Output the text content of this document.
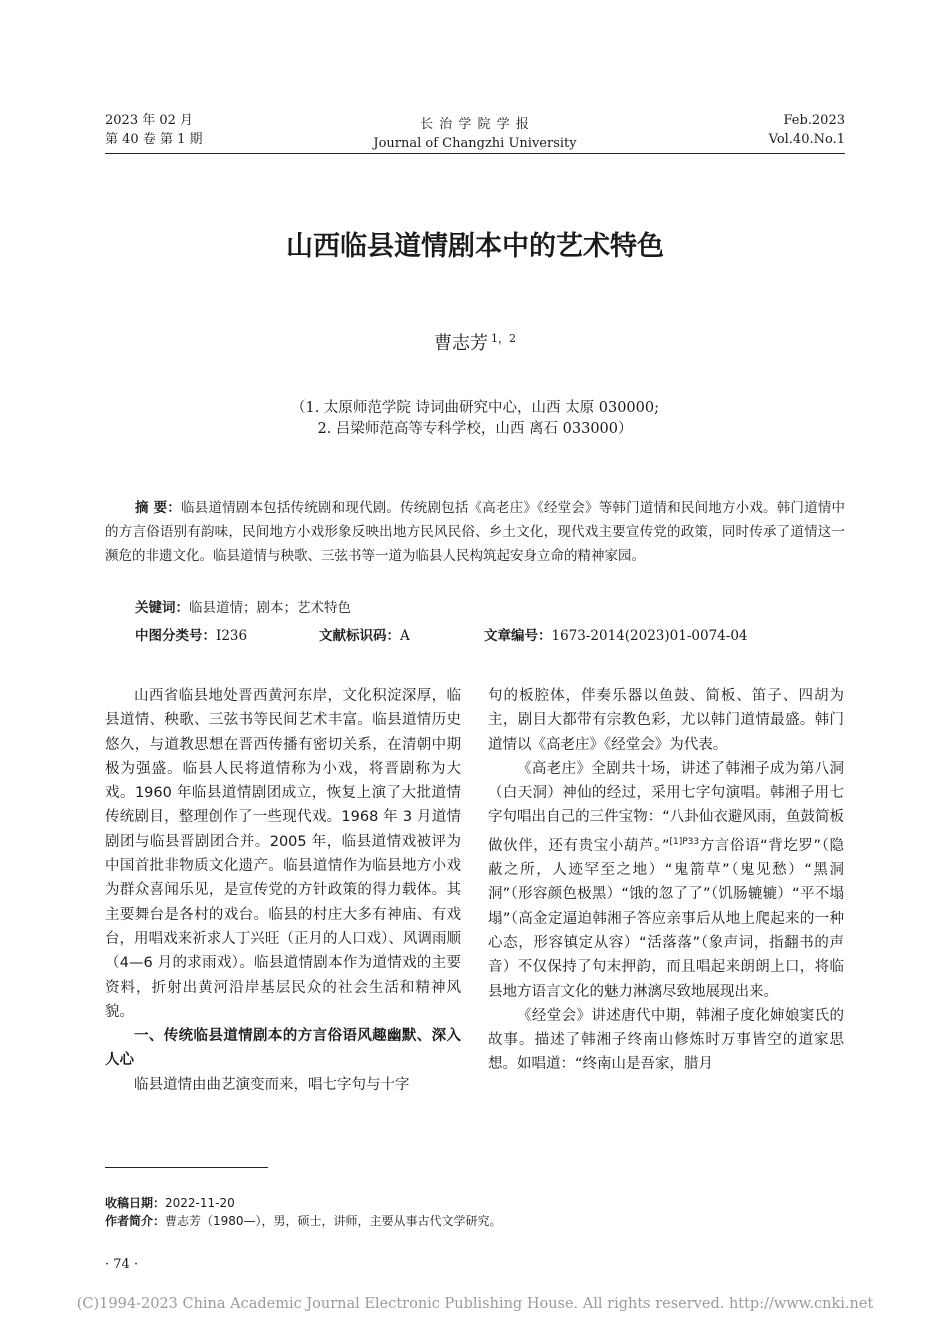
2023 年 02 月
第 40 卷 第 1 期
长 治 学 院 学 报
Journal of Changzhi University
Feb.2023
Vol.40.No.1
山西临县道情剧本中的艺术特色
曹志芳 $^{1,2}$
（1. 太原师范学院 诗词曲研究中心，山西 太原 030000;
2. 吕梁师范高等专科学校，山西 离石 033000）
摘 要：临县道情剧本包括传统剧和现代剧。传统剧包括《高老庄》《经堂会》等韩门道情和民间地方小戏。韩门道情中的方言俗语别有韵味，民间地方小戏形象反映出地方民风民俗、乡土文化，现代戏主要宣传党的政策，同时传承了道情这一濒危的非遗文化。临县道情与秧歌、三弦书等一道为临县人民构筑起安身立命的精神家园。
关键词：临县道情；剧本；艺术特色
中图分类号：I236	文献标识码：A	文章编号：1673-2014(2023)01-0074-04

山西省临县地处晋西黄河东岸，文化积淀深厚，临县道情、秧歌、三弦书等民间艺术丰富。临县道情历史悠久，与道教思想在晋西传播有密切关系，在清朝中期极为强盛。临县人民将道情称为小戏，将晋剧称为大戏。1960 年临县道情剧团成立，恢复上演了大批道情传统剧目，整理创作了一些现代戏。1968 年 3 月道情剧团与临县晋剧团合并。2005 年，临县道情戏被评为中国首批非物质文化遗产。临县道情作为临县地方小戏为群众喜闻乐见，是宣传党的方针政策的得力载体。其主要舞台是各村的戏台。临县的村庄大多有神庙、有戏台，用唱戏来祈求人丁兴旺（正月的人口戏）、风调雨顺（4—6 月的求雨戏）。临县道情剧本作为道情戏的主要资料，折射出黄河沿岸基层民众的社会生活和精神风貌。

一、传统临县道情剧本的方言俗语风趣幽默、深入人心

临县道情由曲艺演变而来，唱七字句与十字

句的板腔体，伴奏乐器以鱼鼓、简板、笛子、四胡为主，剧目大都带有宗教色彩，尤以韩门道情最盛。韩门道情以《高老庄》《经堂会》为代表。

《高老庄》全剧共十场，讲述了韩湘子成为第八洞（白天洞）神仙的经过，采用七字句演唱。韩湘子用七字句唱出自己的三件宝物：“八卦仙衣避风雨，鱼鼓简板做伙伴，还有贵宝小葫芦。”$^{[1]P33}$方言俗语“背圪罗”（隐蔽之所，人迹罕至之地）“鬼箭草”（鬼见愁）“黑洞洞”（形容颜色极黑）“饿的忽了了”（饥肠辘辘）“平不塌塌”（高金定逼迫韩湘子答应亲事后从地上爬起来的一种心态，形容镇定从容）“活落落”（象声词，指翻书的声音）不仅保持了句末押韵，而且唱起来朗朗上口，将临县地方语言文化的魅力淋漓尽致地展现出来。

《经堂会》讲述唐代中期，韩湘子度化婶娘窦氏的故事。描述了韩湘子终南山修炼时万事皆空的道家思想。如唱道：“终南山是吾家，腊月

收稿日期：2022-11-20
作者简介：曹志芳（1980—），男，硕士，讲师，主要从事古代文学研究。
· 74 ·
(C)1994-2023 China Academic Journal Electronic Publishing House. All rights reserved. http://www.cnki.net
